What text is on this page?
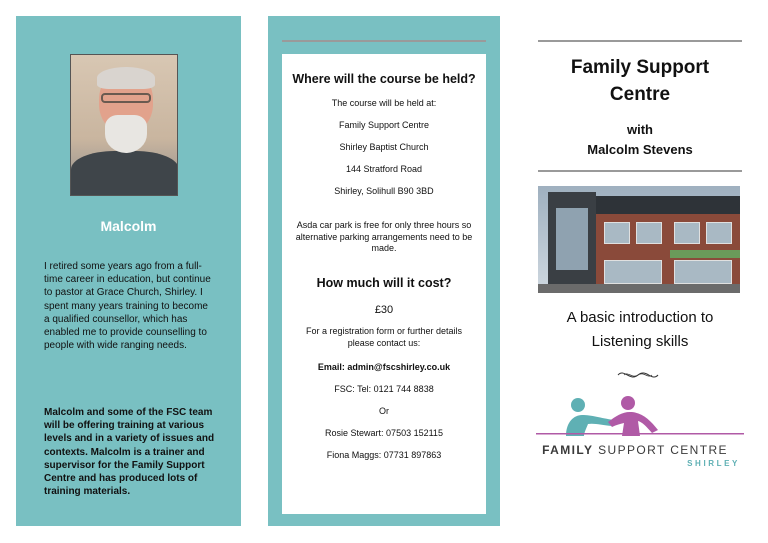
Malcolm
I retired some years ago from a full-time career in education, but continue to pastor at Grace Church, Shirley. I spent many years training to become a qualified counsellor, which has enabled me to provide counselling to people with wide ranging needs.
Malcolm and some of the FSC team will be offering training at various levels and in a variety of issues and contexts. Malcolm is a trainer and supervisor for the Family Support Centre and has produced lots of training materials.
Where will the course be held?
The course will be held at:
Family Support Centre
Shirley Baptist Church
144 Stratford Road
Shirley, Solihull B90 3BD
Asda car park is free for only three hours so alternative parking arrangements need to be made.
How much will it cost?
£30
For a registration form or further details please contact us:
Email: admin@fscshirley.co.uk
FSC: Tel: 0121 744 8838
Or
Rosie Stewart: 07503 152115
Fiona Maggs: 07731 897863
Family Support
Centre
with
Malcolm Stevens
A basic introduction to
Listening skills
FAMILY SUPPORT CENTRE
SHIRLEY
